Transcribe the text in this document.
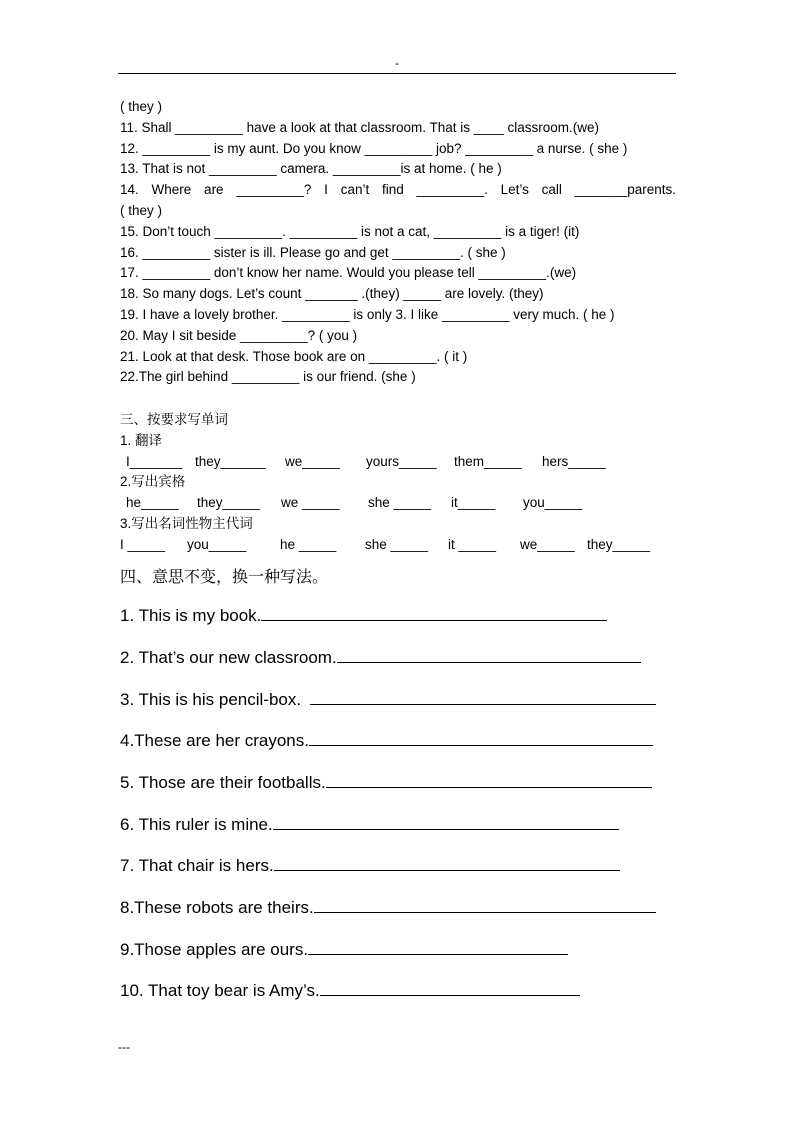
-
( they )
11. Shall _________ have a look at that classroom. That is ____ classroom.(we)
12. _________ is my aunt. Do you know _________ job? _________ a nurse. ( she )
13. That is not _________ camera. _________is at home. ( he )
14. Where are _________? I can’t find _________. Let’s call _______parents.
( they )
15. Don’t touch _________. _________ is not a cat, _________ is a tiger! (it)
16. _________ sister is ill. Please go and get _________. ( she )
17. _________ don’t know her name. Would you please tell _________.(we)
18. So many dogs. Let’s count _______ .(they) _____ are lovely. (they)
19. I have a lovely brother. _________ is only 3. I like _________ very much. ( he )
20. May I sit beside _________? ( you )
21. Look at that desk. Those book are on _________. ( it )
22.The girl behind _________ is our friend. (she )
三、按要求写单词
1. 翻译
I_______ they______ we_____ yours_____ them_____ hers_____
2.写出宾格
he_____ they_____ we _____ she _____ it_____ you_____
3.写出名词性物主代词
I _____ you_____ he _____ she _____ it _____ we_____ they_____
四、意思不变，换一种写法。
1. This is my book.
2. That’s our new classroom.
3. This is his pencil-box.
4.These are her crayons.
5. Those are their footballs.
6. This ruler is mine.
7. That chair is hers.
8.These robots are theirs.
9.Those apples are ours.
10. That toy bear is Amy’s.
---
